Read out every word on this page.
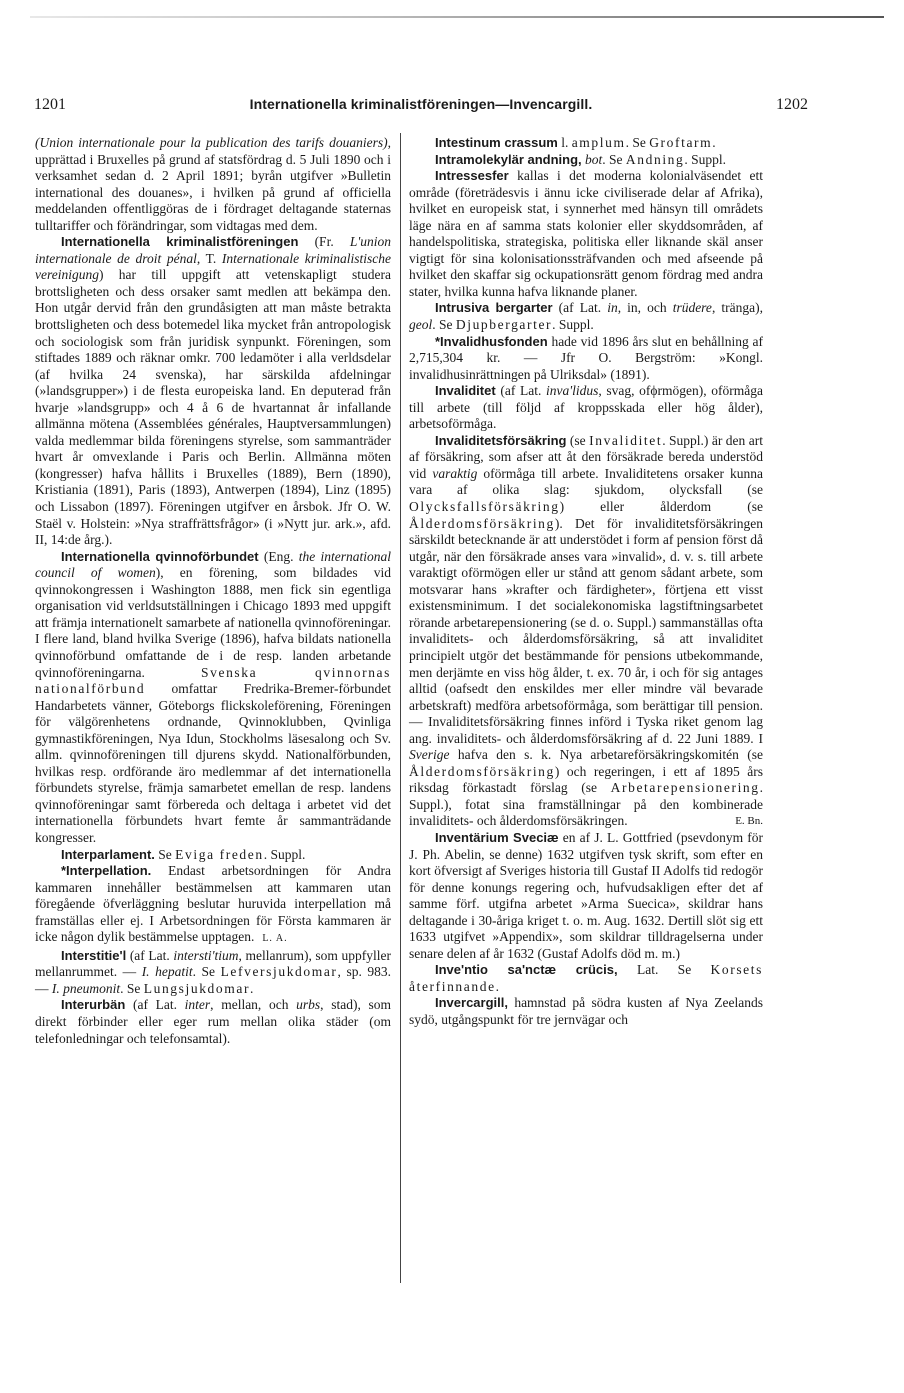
1201	Internationella kriminalistföreningen—Invencargill.	1202

(Union internationale pour la publication des tarifs douaniers), upprättad i Bruxelles på grund af statsfördrag d. 5 Juli 1890 och i verksamhet sedan d. 2 April 1891; byrån utgifver »Bulletin international des douanes», i hvilken på grund af officiella meddelanden offentliggöras de i fördraget deltagande staternas tulltariffer och förändringar, som vidtagas med dem.

Internationella kriminalistföreningen (Fr. L'union internationale de droit pénal, T. Internationale kriminalistische vereinigung) har till uppgift att vetenskapligt studera brottsligheten och dess orsaker samt medlen att bekämpa den. Hon utgår dervid från den grundåsigten att man måste betrakta brottsligheten och dess botemedel lika mycket från antropologisk och sociologisk som från juridisk synpunkt. Föreningen, som stiftades 1889 och räknar omkr. 700 ledamöter i alla verldsdelar (af hvilka 24 svenska), har särskilda afdelningar (»landsgrupper») i de flesta europeiska land. En deputerad från hvarje »landsgrupp» och 4 å 6 de hvartannat år infallande allmänna mötena (Assemblées générales, Hauptversammlungen) valda medlemmar bilda föreningens styrelse, som sammanträder hvart år omvexlande i Paris och Berlin. Allmänna möten (kongresser) hafva hållits i Bruxelles (1889), Bern (1890), Kristiania (1891), Paris (1893), Antwerpen (1894), Linz (1895) och Lissabon (1897). Föreningen utgifver en årsbok. Jfr O. W. Staël v. Holstein: »Nya straffrättsfrågor» (i »Nytt jur. ark.», afd. II, 14:de årg.).

Internationella qvinnoförbundet (Eng. the international council of women), en förening, som bildades vid qvinnokongressen i Washington 1888, men fick sin egentliga organisation vid verldsutställningen i Chicago 1893 med uppgift att främja internationelt samarbete af nationella qvinnoföreningar. I flere land, bland hvilka Sverige (1896), hafva bildats nationella qvinnoförbund omfattande de i de resp. landen arbetande qvinnoföreningarna. Svenska qvinnornas nationalförbund omfattar Fredrika-Bremer-förbundet Handarbetets vänner, Göteborgs flickskoleförening, Föreningen för välgörenhetens ordnande, Qvinnoklubben, Qvinliga gymnastikföreningen, Nya Idun, Stockholms läsesalong och Sv. allm. qvinnoföreningen till djurens skydd. Nationalförbunden, hvilkas resp. ordförande äro medlemmar af det internationella förbundets styrelse, främja samarbetet emellan de resp. landens qvinnoföreningar samt förbereda och deltaga i arbetet vid det internationella förbundets hvart femte år sammanträdande kongresser.

Interparlament. Se Eviga freden. Suppl.

*Interpellation. Endast arbetsordningen för Andra kammaren innehåller bestämmelsen att kammaren utan föregående öfverläggning beslutar huruvida interpellation må framställas eller ej. I Arbetsordningen för Första kammaren är icke någon dylik bestämmelse upptagen. L. A.

Interstitie'l (af Lat. intersti'tium, mellanrum), som uppfyller mellanrummet. — I. hepatit. Se Lefversjukdomar, sp. 983. — I. pneumonit. Se Lungsjukdomar.

Interurbän (af Lat. inter, mellan, och urbs, stad), som direkt förbinder eller eger rum mellan olika städer (om telefonledningar och telefonsamtal).

Intestinum crassum l. amplum. Se Groftarm.

Intramolekylär andning, bot. Se Andning. Suppl.

Intressesfer kallas i det moderna kolonialväsendet ett område (företrädesvis i ännu icke civiliserade delar af Afrika), hvilket en europeisk stat, i synnerhet med hänsyn till områdets läge nära en af samma stats kolonier eller skyddsområden, af handelspolitiska, strategiska, politiska eller liknande skäl anser vigtigt för sina kolonisationssträfvanden och med afseende på hvilket den skaffar sig ockupationsrätt genom fördrag med andra stater, hvilka kunna hafva liknande planer.

Intrusiva bergarter (af Lat. in, in, och trüdere, tränga), geol. Se Djupbergarter. Suppl.

*Invalidhusfonden hade vid 1896 års slut en behållning af 2,715,304 kr. — Jfr O. Bergström: »Kongl. invalidhusinrättningen på Ulriksdal» (1891).

Invaliditet (af Lat. inva'lidus, svag, ofϕrmögen), oförmåga till arbete (till följd af kroppsskada eller hög ålder), arbetsoförmåga.

Invaliditetsförsäkring (se Invaliditet. Suppl.) är den art af försäkring, som afser att åt den försäkrade bereda understöd vid varaktig oförmåga till arbete. Invaliditetens orsaker kunna vara af olika slag: sjukdom, olycksfall (se Olycksfallsförsäkring) eller ålderdom (se Ålderdomsförsäkring). Det för invaliditetsförsäkringen särskildt betecknande är att understödet i form af pension först då utgår, när den försäkrade anses vara »invalid», d. v. s. till arbete varaktigt oförmögen eller ur stånd att genom sådant arbete, som motsvarar hans »krafter och färdigheter», förtjena ett visst existensminimum. I det socialekonomiska lagstiftningsarbetet rörande arbetarepensionering (se d. o. Suppl.) sammanställas ofta invaliditets- och ålderdomsförsäkring, så att invaliditet principielt utgör det bestämmande för pensions utbekommande, men derjämte en viss hög ålder, t. ex. 70 år, i och för sig antages alltid (oafsedt den enskildes mer eller mindre väl bevarade arbetskraft) medföra arbetsoförmåga, som berättigar till pension. — Invaliditetsförsäkring finnes införd i Tyska riket genom lag ang. invaliditets- och ålderdomsförsäkring af d. 22 Juni 1889. I Sverige hafva den s. k. Nya arbetareförsäkringskomitén (se Ålderdomsförsäkring) och regeringen, i ett af 1895 års riksdag förkastadt förslag (se Arbetarepensionering. Suppl.), fotat sina framställningar på den kombinerade invaliditets- och ålderdomsförsäkringen.	E. Bn.

Inventärium Sveciæ en af J. L. Gottfried (psevdonym för J. Ph. Abelin, se denne) 1632 utgifven tysk skrift, som efter en kort öfversigt af Sveriges historia till Gustaf II Adolfs tid redogör för denne konungs regering och, hufvudsakligen efter det af samme förf. utgifna arbetet »Arma Suecica», skildrar hans deltagande i 30-åriga kriget t. o. m. Aug. 1632. Dertill slöt sig ett 1633 utgifvet »Appendix», som skildrar tilldragelserna under senare delen af år 1632 (Gustaf Adolfs död m. m.)

Inve'ntio sa'nctæ crücis, Lat. Se Korsets återfinnande.

Invercargill, hamnstad på södra kusten af Nya Zeelands sydö, utgångspunkt för tre jernvägar och
